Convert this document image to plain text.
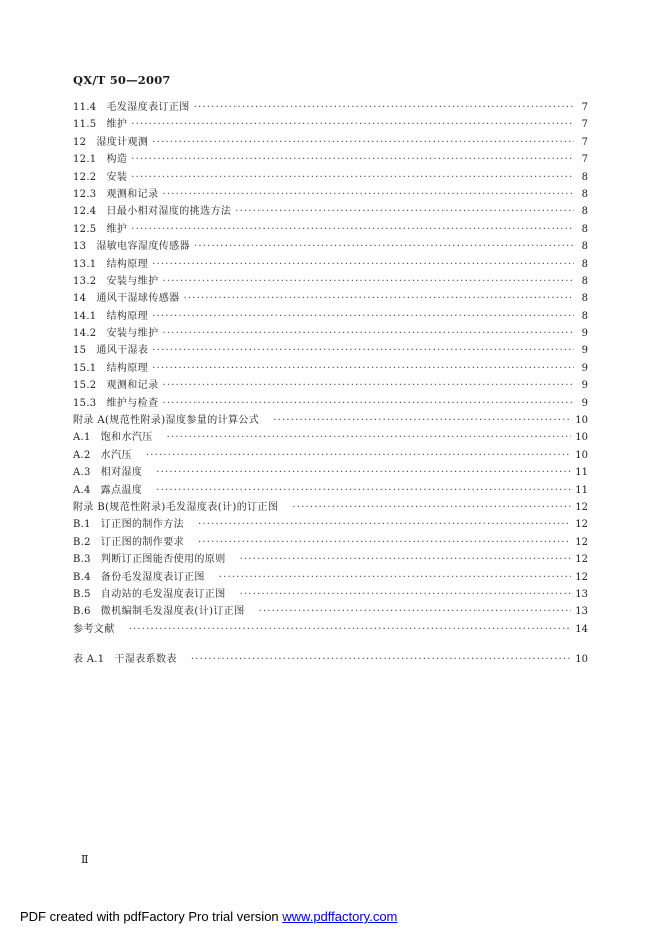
QX/T 50—2007
11.4 毛发湿度表订正图 ·····	7
11.5 维护 ·····	7
12 湿度计观测 ·····	7
12.1 构造 ·····	7
12.2 安装 ·····	8
12.3 观测和记录 ·····	8
12.4 日最小相对湿度的挑选方法 ·····	8
12.5 维护 ·····	8
13 湿敏电容湿度传感器 ·····	8
13.1 结构原理 ·····	8
13.2 安装与维护 ·····	8
14 通风干湿球传感器 ·····	8
14.1 结构原理 ·····	8
14.2 安装与维护 ·····	9
15 通风干湿表 ·····	9
15.1 结构原理 ·····	9
15.2 观测和记录 ·····	9
15.3 维护与检查 ·····	9
附录 A(规范性附录)湿度参量的计算公式 ·····	10
A.1 饱和水汽压 ·····	10
A.2 水汽压 ·····	10
A.3 相对湿度 ·····	11
A.4 露点温度 ·····	11
附录 B(规范性附录)毛发湿度表(计)的订正图 ·····	12
B.1 订正图的制作方法 ·····	12
B.2 订正图的制作要求 ·····	12
B.3 判断订正图能否使用的原则 ·····	12
B.4 备份毛发湿度表订正图 ·····	12
B.5 自动站的毛发湿度表订正图 ·····	13
B.6 微机编制毛发湿度表(计)订正图 ·····	13
参考文献 ·····	14
表 A.1 干湿表系数表 ·····	10
Ⅱ
PDF created with pdfFactory Pro trial version www.pdffactory.com
